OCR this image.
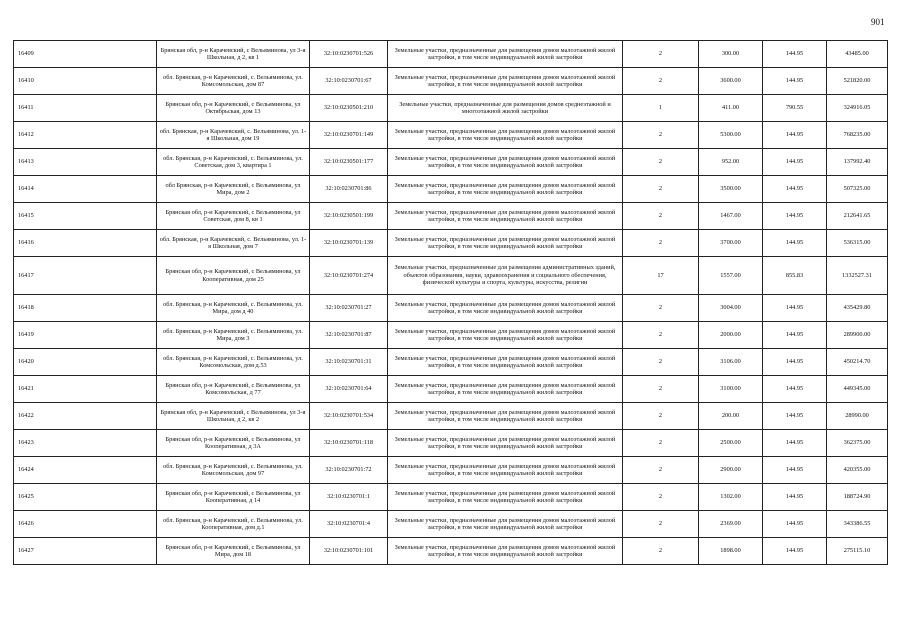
901
16409	Брянская обл, р-н Карачевский, с Вельяминова, ул 3-я Школьная, д 2, кв 1	32:10:0230701:526	Земельные участки, предназначенные для размещения домов малоэтажной жилой застройки, в том числе индивидуальной жилой застройки	2	300.00	144.95	43485.00
16410	обл. Брянская, р-н Карачевский, с. Вельяминова, ул. Комсомольская, дом 87	32:10:0230701:67	Земельные участки, предназначенные для размещения домов малоэтажной жилой застройки, в том числе индивидуальной жилой застройки	2	3600.00	144.95	521820.00
16411	Брянская обл, р-н Карачевский, с Вельяминова, ул Октябрьская, дом 13	32:10:0230501:210	Земельные участки, предназначенные для размещения домов среднеэтажной и многоэтажной жилой застройки	1	411.00	790.55	324916.05
16412	обл. Брянская, р-н Карачевский, с. Вельяминова, ул. 1-я Школьная, дом 19	32:10:0230701:149	Земельные участки, предназначенные для размещения домов малоэтажной жилой застройки, в том числе индивидуальной жилой застройки	2	5300.00	144.95	768235.00
16413	обл. Брянская, р-н Карачевский, с. Вельяминова, ул. Советская, дом 3, квартира 1	32:10:0230501:177	Земельные участки, предназначенные для размещения домов малоэтажной жилой застройки, в том числе индивидуальной жилой застройки	2	952.00	144.95	137992.40
16414	обл Брянская, р-н Карачевский, с Вельяминова, ул Мира, дом 2	32:10:0230701:86	Земельные участки, предназначенные для размещения домов малоэтажной жилой застройки, в том числе индивидуальной жилой застройки	2	3500.00	144.95	507325.00
16415	Брянская обл, р-н Карачевский, с Вельяминова, ул Советская, дом 8, кв 1	32:10:0230501:199	Земельные участки, предназначенные для размещения домов малоэтажной жилой застройки, в том числе индивидуальной жилой застройки	2	1467.00	144.95	212641.65
16416	обл. Брянская, р-н Карачевский, с. Вельяминова, ул. 1-я Школьная, дом 7	32:10:0230701:139	Земельные участки, предназначенные для размещения домов малоэтажной жилой застройки, в том числе индивидуальной жилой застройки	2	3700.00	144.95	536315.00
16417	Брянская обл, р-н Карачевский, с Вельяминова, ул Кооперативная, дом 25	32:10:0230701:274	Земельные участки, предназначенные для размещения административных зданий, объектов образования, науки, здравоохранения и социального обеспечения, физической культуры и спорта, культуры, искусства, религии	17	1557.00	855.83	1332527.31
16418	обл. Брянская, р-н Карачевский, с. Вельяминова, ул. Мира, дом д 40	32:10:0230701:27	Земельные участки, предназначенные для размещения домов малоэтажной жилой застройки, в том числе индивидуальной жилой застройки	2	3004.00	144.95	435429.80
16419	обл. Брянская, р-н Карачевский, с. Вельяминова, ул. Мира, дом 3	32:10:0230701:87	Земельные участки, предназначенные для размещения домов малоэтажной жилой застройки, в том числе индивидуальной жилой застройки	2	2000.00	144.95	289900.00
16420	обл. Брянская, р-н Карачевский, с. Вельяминова, ул. Комсомольская, дом д.53	32:10:0230701:31	Земельные участки, предназначенные для размещения домов малоэтажной жилой застройки, в том числе индивидуальной жилой застройки	2	3106.00	144.95	450214.70
16421	Брянская обл, р-н Карачевский, с Вельяминова, ул Комсомольская, д 77	32:10:0230701:64	Земельные участки, предназначенные для размещения домов малоэтажной жилой застройки, в том числе индивидуальной жилой застройки	2	3100.00	144.95	449345.00
16422	Брянская обл, р-н Карачевский, с Вельяминова, ул 3-я Школьная, д 2, кв 2	32:10:0230701:534	Земельные участки, предназначенные для размещения домов малоэтажной жилой застройки, в том числе индивидуальной жилой застройки	2	200.00	144.95	28990.00
16423	Брянская обл, р-н Карачевский, с Вельяминова, ул Кооперативная, д 3А	32:10:0230701:118	Земельные участки, предназначенные для размещения домов малоэтажной жилой застройки, в том числе индивидуальной жилой застройки	2	2500.00	144.95	362375.00
16424	обл. Брянская, р-н Карачевский, с. Вельяминова, ул. Комсомольская, дом 97	32:10:0230701:72	Земельные участки, предназначенные для размещения домов малоэтажной жилой застройки, в том числе индивидуальной жилой застройки	2	2900.00	144.95	420355.00
16425	Брянская обл, р-н Карачевский, с Вельяминова, ул Кооперативная, д 14	32:10:0230701:1	Земельные участки, предназначенные для размещения домов малоэтажной жилой застройки, в том числе индивидуальной жилой застройки	2	1302.00	144.95	188724.90
16426	обл. Брянская, р-н Карачевский, с. Вельяминова, ул. Кооперативная, дом д.1	32:10:0230701:4	Земельные участки, предназначенные для размещения домов малоэтажной жилой застройки, в том числе индивидуальной жилой застройки	2	2369.00	144.95	343386.55
16427	Брянская обл, р-н Карачевский, с Вельяминова, ул Мира, дом 18	32:10:0230701:101	Земельные участки, предназначенные для размещения домов малоэтажной жилой застройки, в том числе индивидуальной жилой застройки	2	1898.00	144.95	275115.10
